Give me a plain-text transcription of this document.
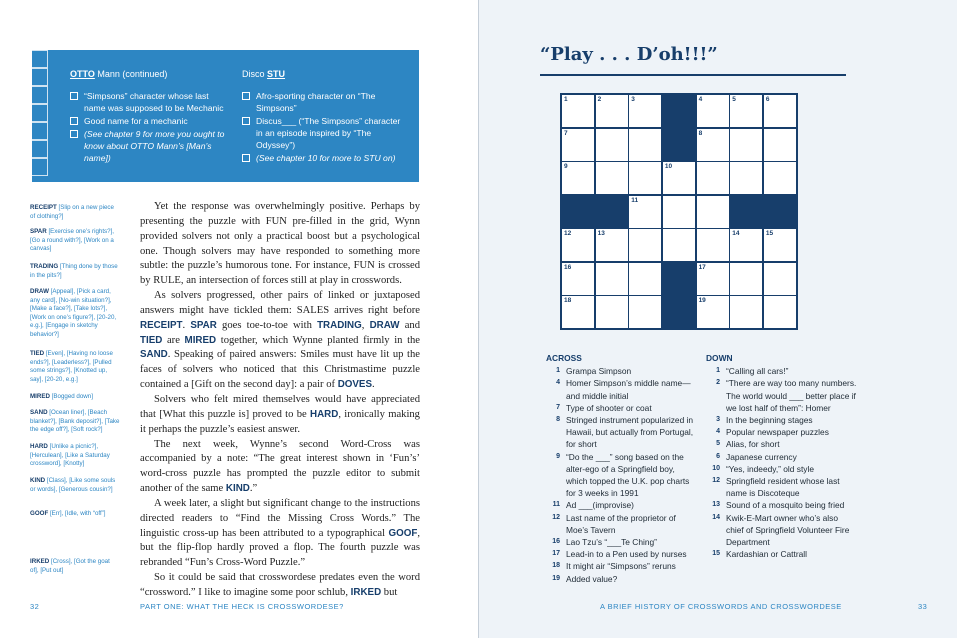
OTTO Mann (continued)
“Simpsons” character whose last name was supposed to be Mechanic
Good name for a mechanic
(See chapter 9 for more you ought to know about OTTO Mann’s [Man’s name])
Disco STU
Afro-sporting character on “The Simpsons”
Discus___ (“The Simpsons” character in an episode inspired by “The Odyssey”)
(See chapter 10 for more to STU on)
RECEIPT [Slip on a new piece of clothing?]
SPAR [Exercise one’s rights?], [Go a round with?], [Work on a canvas]
TRADING [Thing done by those in the pits?]
DRAW [Appeal], [Pick a card, any card], [No-win situation?], [Make a face?], [Take lots?], [Work on one’s figure?], [20-20, e.g.], [Engage in sketchy behavior?]
TIED [Even], [Having no loose ends?], [Leaderless?], [Pulled some strings?], [Knotted up, say], [20-20, e.g.]
MIRED [Bogged down]
SAND [Ocean liner], [Beach blanket?], [Bank deposit?], [Take the edge off?], [Soft rock?]
HARD [Unlike a picnic?], [Herculean], [Like a Saturday crossword], [Knotty]
KIND [Class], [Like some souls or words], [Generous cousin?]
GOOF [Err], [Idle, with “off”]
IRKED [Cross], [Got the goat of], [Put out]

Yet the response was overwhelmingly positive. Perhaps by presenting the puzzle with FUN pre-filled in the grid, Wynn provided solvers not only a practical boost but a psychological one. Though solvers may have responded to something more subtle: the puzzle’s humorous tone. For instance, FUN is crossed by RULE, an intersection of forces still at play in crosswords.

As solvers progressed, other pairs of linked or juxtaposed answers might have tickled them: SALES arrives right before RECEIPT. SPAR goes toe-to-toe with TRADING, DRAW and TIED are MIRED together, which Wynne planted firmly in the SAND. Speaking of paired answers: Smiles must have lit up the faces of solvers who noticed that this Christmastime puzzle contained a [Gift on the second day]: a pair of DOVES.

Solvers who felt mired themselves would have appreciated that [What this puzzle is] proved to be HARD, ironically making it perhaps the puzzle’s easiest answer.

The next week, Wynne’s second Word-Cross was accompanied by a note: “The great interest shown in ‘Fun’s’ word-cross puzzle has prompted the puzzle editor to submit another of the same KIND.”

A week later, a slight but significant change to the instructions directed readers to “Find the Missing Cross Words.” The linguistic cross-up has been attributed to a typographical GOOF, but the flip-flop hardly proved a flop. The fourth puzzle was rebranded “Fun’s Cross-Word Puzzle.”

So it could be said that crosswordese predates even the word “crossword.” I like to imagine some poor schlub, IRKED but

32	PART ONE: WHAT THE HECK IS CROSSWORDESE?
“Play . . . D’oh!!!”
1	2	3	4	5	6
7	8
9	10
11
12	13	14	15
16	17
18	19
ACROSS
1 Grampa Simpson
4 Homer Simpson’s middle name—and middle initial
7 Type of shooter or coat
8 Stringed instrument popularized in Hawaii, but actually from Portugal, for short
9 “Do the ___” song based on the alter-ego of a Springfield boy, which topped the U.K. pop charts for 3 weeks in 1991
11 Ad ___(improvise)
12 Last name of the proprietor of Moe’s Tavern
16 Lao Tzu’s “___Te Ching”
17 Lead-in to a Pen used by nurses
18 It might air “Simpsons” reruns
19 Added value?
DOWN
1 “Calling all cars!”
2 “There are way too many numbers. The world would ___ better place if we lost half of them”: Homer
3 In the beginning stages
4 Popular newspaper puzzles
5 Alias, for short
6 Japanese currency
10 “Yes, indeedy,” old style
12 Springfield resident whose last name is Discoteque
13 Sound of a mosquito being fried
14 Kwik-E-Mart owner who’s also chief of Springfield Volunteer Fire Department
15 Kardashian or Cattrall
A BRIEF HISTORY OF CROSSWORDS AND CROSSWORDESE	33
